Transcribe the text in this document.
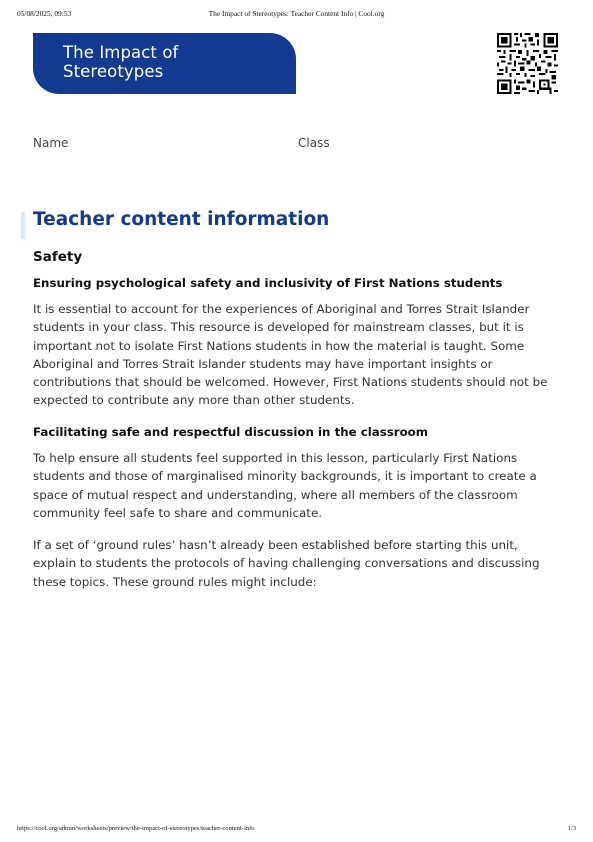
05/08/2025, 09:53	The Impact of Stereotypes: Teacher Content Info | Cool.org
The Impact of
Stereotypes
Name	Class
Teacher content information
Safety
Ensuring psychological safety and inclusivity of First Nations students
It is essential to account for the experiences of Aboriginal and Torres Strait Islander
students in your class. This resource is developed for mainstream classes, but it is
important not to isolate First Nations students in how the material is taught. Some
Aboriginal and Torres Strait Islander students may have important insights or
contributions that should be welcomed. However, First Nations students should not be
expected to contribute any more than other students.
Facilitating safe and respectful discussion in the classroom
To help ensure all students feel supported in this lesson, particularly First Nations
students and those of marginalised minority backgrounds, it is important to create a
space of mutual respect and understanding, where all members of the classroom
community feel safe to share and communicate.
If a set of ‘ground rules’ hasn’t already been established before starting this unit,
explain to students the protocols of having challenging conversations and discussing
these topics. These ground rules might include:
https://cool.org/admin/worksheets/preview/the-impact-of-stereotypes/teacher-content-info	1/3
